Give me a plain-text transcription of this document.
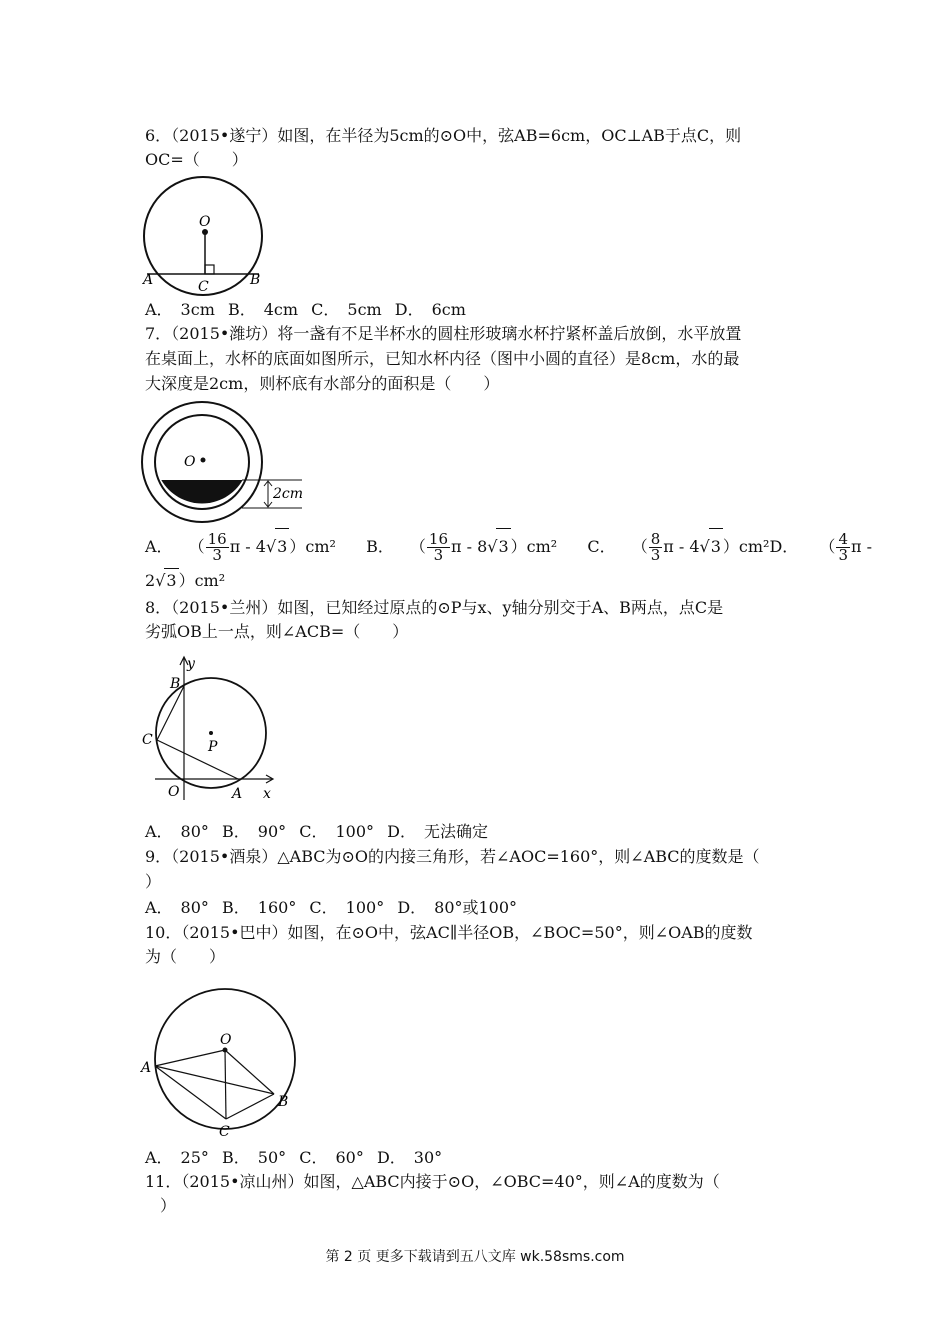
6．（2015•遂宁）如图，在半径为5cm的⊙O中，弦AB=6cm，OC⊥AB于点C，则
OC=（　　）
O
A	B
C
A．　3cm B．　4cm C．　5cm D．　6cm
7．（2015•潍坊）将一盏有不足半杯水的圆柱形玻璃水杯拧紧杯盖后放倒，水平放置
在桌面上，水杯的底面如图所示，已知水杯内径（图中小圆的直径）是8cm，水的最
大深度是2cm，则杯底有水部分的面积是（　　）
O
2cm
A．　 （ $\frac{16}{3}$ π - 4√3 ）cm² B．　 （ $\frac{16}{3}$ π - 8√3 ）cm² C．　 （ $\frac{8}{3}$ π - 4√3 ）cm²D． 　 （ $\frac{4}{3}$ π -
2√3 ）cm²
8．（2015•兰州）如图，已知经过原点的⊙P与x、y轴分别交于A、B两点，点C是
劣弧OB上一点，则∠ACB=（　　）
y
x
B
C	P
O	A
A．　80° B．　90° C．　100° D．　无法确定
9．（2015•酒泉）△ABC为⊙O的内接三角形，若∠AOC=160°，则∠ABC的度数是（
）
A．　80° B．　160° C．　100° D．　80°或100°
10．（2015•巴中）如图，在⊙O中，弦AC∥半径OB，∠BOC=50°，则∠OAB的度数
为（　　）
O
A
B
C
A．　25° B．　50° C．　60° D．　30°
11．（2015•凉山州）如图，△ABC内接于⊙O，∠OBC=40°，则∠A的度数为（
）
第 2 页 更多下载请到五八文库 wk.58sms.com
